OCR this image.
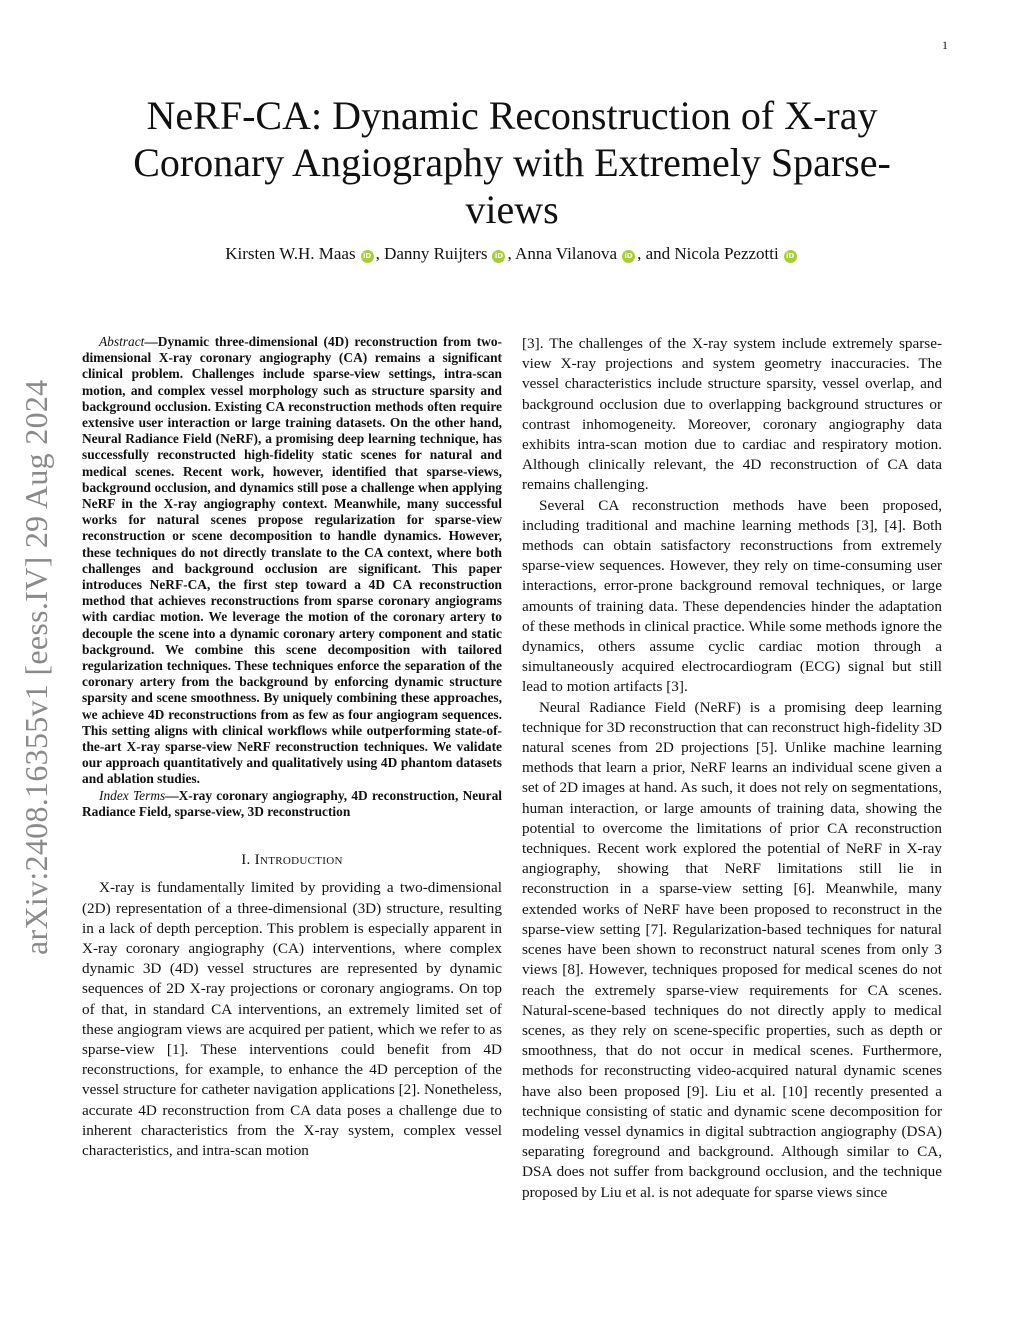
1
arXiv:2408.16355v1 [eess.IV] 29 Aug 2024
NeRF-CA: Dynamic Reconstruction of X-ray Coronary Angiography with Extremely Sparse-views
Kirsten W.H. Maas iD , Danny Ruijters iD , Anna Vilanova iD , and Nicola Pezzotti iD

Abstract—Dynamic three-dimensional (4D) reconstruction from two-dimensional X-ray coronary angiography (CA) remains a significant clinical problem. Challenges include sparse-view settings, intra-scan motion, and complex vessel morphology such as structure sparsity and background occlusion. Existing CA reconstruction methods often require extensive user interaction or large training datasets. On the other hand, Neural Radiance Field (NeRF), a promising deep learning technique, has successfully reconstructed high-fidelity static scenes for natural and medical scenes. Recent work, however, identified that sparse-views, background occlusion, and dynamics still pose a challenge when applying NeRF in the X-ray angiography context. Meanwhile, many successful works for natural scenes propose regularization for sparse-view reconstruction or scene decomposition to handle dynamics. However, these techniques do not directly translate to the CA context, where both challenges and background occlusion are significant. This paper introduces NeRF-CA, the first step toward a 4D CA reconstruction method that achieves reconstructions from sparse coronary angiograms with cardiac motion. We leverage the motion of the coronary artery to decouple the scene into a dynamic coronary artery component and static background. We combine this scene decomposition with tailored regularization techniques. These techniques enforce the separation of the coronary artery from the background by enforcing dynamic structure sparsity and scene smoothness. By uniquely combining these approaches, we achieve 4D reconstructions from as few as four angiogram sequences. This setting aligns with clinical workflows while outperforming state-of-the-art X-ray sparse-view NeRF reconstruction techniques. We validate our approach quantitatively and qualitatively using 4D phantom datasets and ablation studies.

Index Terms—X-ray coronary angiography, 4D reconstruction, Neural Radiance Field, sparse-view, 3D reconstruction

I. Introduction

X-ray is fundamentally limited by providing a two-dimensional (2D) representation of a three-dimensional (3D) structure, resulting in a lack of depth perception. This problem is especially apparent in X-ray coronary angiography (CA) interventions, where complex dynamic 3D (4D) vessel structures are represented by dynamic sequences of 2D X-ray projections or coronary angiograms. On top of that, in standard CA interventions, an extremely limited set of these angiogram views are acquired per patient, which we refer to as sparse-view [1]. These interventions could benefit from 4D reconstructions, for example, to enhance the 4D perception of the vessel structure for catheter navigation applications [2]. Nonetheless, accurate 4D reconstruction from CA data poses a challenge due to inherent characteristics from the X-ray system, complex vessel characteristics, and intra-scan motion

[3]. The challenges of the X-ray system include extremely sparse-view X-ray projections and system geometry inaccuracies. The vessel characteristics include structure sparsity, vessel overlap, and background occlusion due to overlapping background structures or contrast inhomogeneity. Moreover, coronary angiography data exhibits intra-scan motion due to cardiac and respiratory motion. Although clinically relevant, the 4D reconstruction of CA data remains challenging.

Several CA reconstruction methods have been proposed, including traditional and machine learning methods [3], [4]. Both methods can obtain satisfactory reconstructions from extremely sparse-view sequences. However, they rely on time-consuming user interactions, error-prone background removal techniques, or large amounts of training data. These dependencies hinder the adaptation of these methods in clinical practice. While some methods ignore the dynamics, others assume cyclic cardiac motion through a simultaneously acquired electrocardiogram (ECG) signal but still lead to motion artifacts [3].

Neural Radiance Field (NeRF) is a promising deep learning technique for 3D reconstruction that can reconstruct high-fidelity 3D natural scenes from 2D projections [5]. Unlike machine learning methods that learn a prior, NeRF learns an individual scene given a set of 2D images at hand. As such, it does not rely on segmentations, human interaction, or large amounts of training data, showing the potential to overcome the limitations of prior CA reconstruction techniques. Recent work explored the potential of NeRF in X-ray angiography, showing that NeRF limitations still lie in reconstruction in a sparse-view setting [6]. Meanwhile, many extended works of NeRF have been proposed to reconstruct in the sparse-view setting [7]. Regularization-based techniques for natural scenes have been shown to reconstruct natural scenes from only 3 views [8]. However, techniques proposed for medical scenes do not reach the extremely sparse-view requirements for CA scenes. Natural-scene-based techniques do not directly apply to medical scenes, as they rely on scene-specific properties, such as depth or smoothness, that do not occur in medical scenes. Furthermore, methods for reconstructing video-acquired natural dynamic scenes have also been proposed [9]. Liu et al. [10] recently presented a technique consisting of static and dynamic scene decomposition for modeling vessel dynamics in digital subtraction angiography (DSA) separating foreground and background. Although similar to CA, DSA does not suffer from background occlusion, and the technique proposed by Liu et al. is not adequate for sparse views since
